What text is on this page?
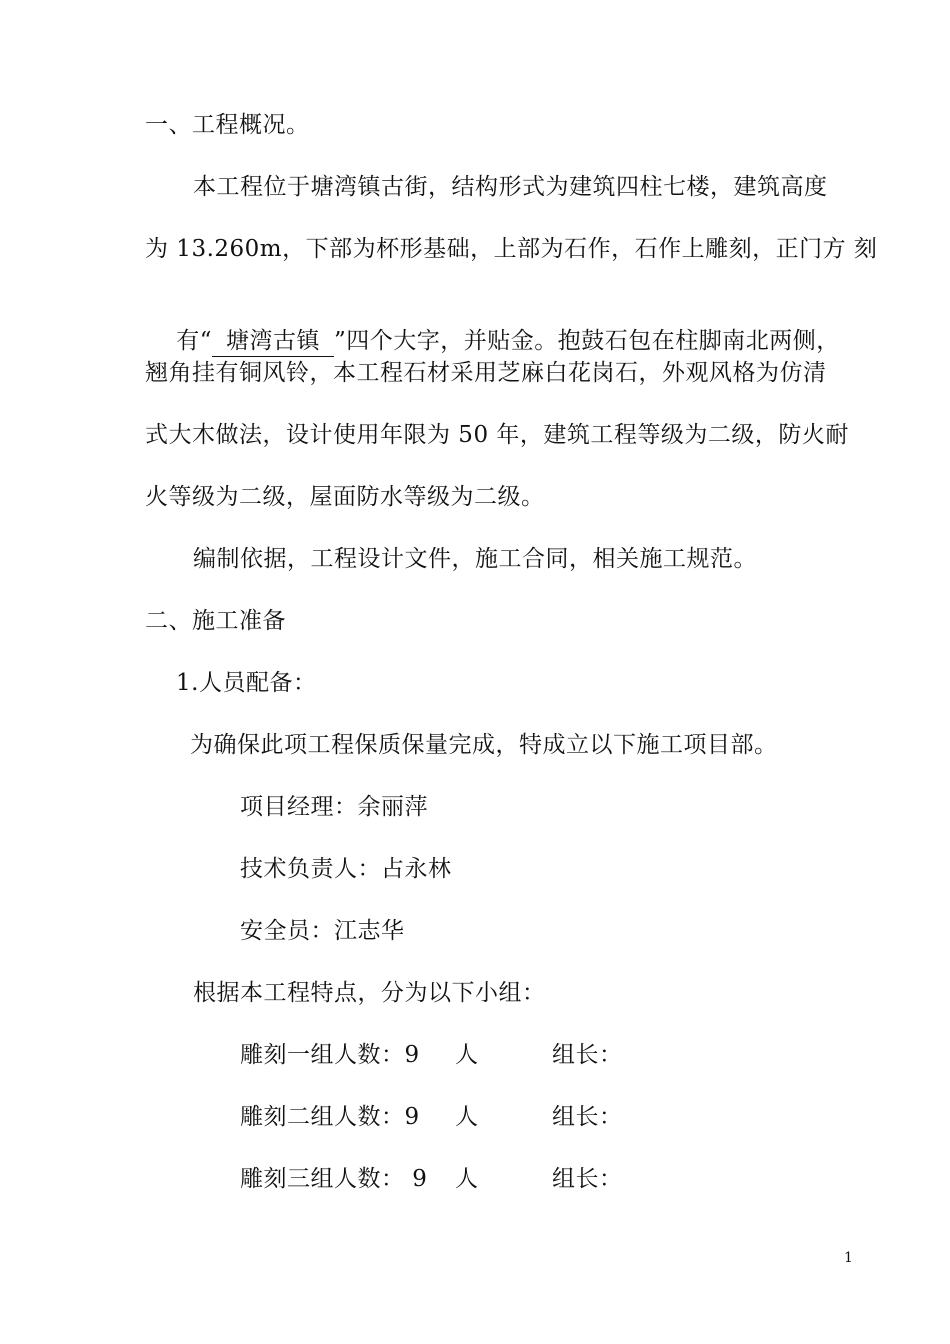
一、工程概况。
本工程位于塘湾镇古街，结构形式为建筑四柱七楼，建筑高度
为 13.260m，下部为杯形基础，上部为石作，石作上雕刻，正门方 刻

有“ 塘湾古镇 ”四个大字，并贴金。抱鼓石包在柱脚南北两侧，

翘角挂有铜风铃，本工程石材采用芝麻白花岗石，外观风格为仿清
式大木做法，设计使用年限为 50 年，建筑工程等级为二级，防火耐
火等级为二级，屋面防水等级为二级。
编制依据，工程设计文件，施工合同，相关施工规范。
二、施工准备
1.人员配备：
为确保此项工程保质保量完成，特成立以下施工项目部。
项目经理：余丽萍
技术负责人：占永林
安全员：江志华
根据本工程特点，分为以下小组：
雕刻一组人数：9 人	组长：
雕刻二组人数：9 人	组长：
雕刻三组人数： 9 人	组长：
1
